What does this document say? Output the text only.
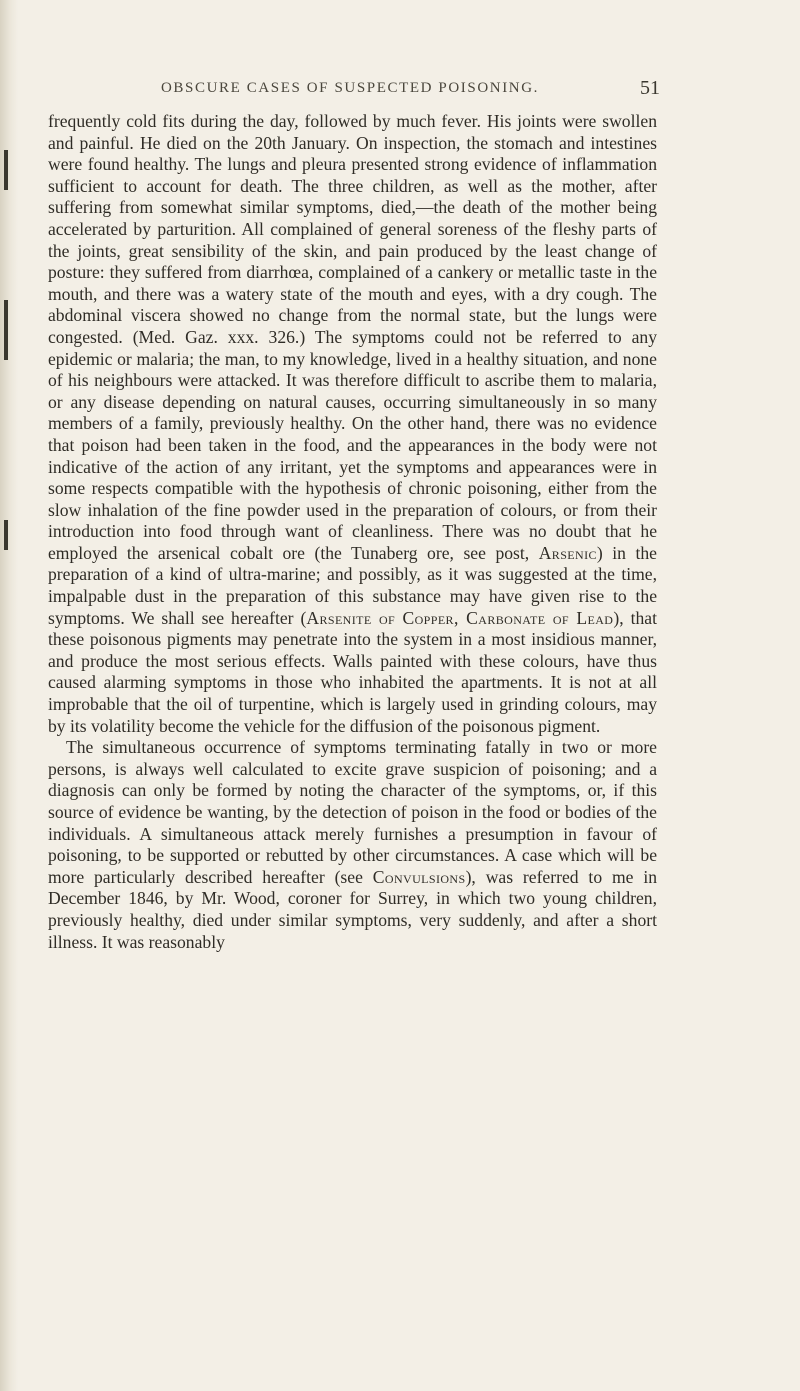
OBSCURE CASES OF SUSPECTED POISONING.	51

frequently cold fits during the day, followed by much fever. His joints were swollen and painful. He died on the 20th January. On inspection, the stomach and intestines were found healthy. The lungs and pleura presented strong evidence of inflammation sufficient to account for death. The three children, as well as the mother, after suffering from somewhat similar symptoms, died,—the death of the mother being accelerated by parturition. All complained of general soreness of the fleshy parts of the joints, great sensibility of the skin, and pain produced by the least change of posture: they suffered from diarrhœa, complained of a cankery or metallic taste in the mouth, and there was a watery state of the mouth and eyes, with a dry cough. The abdominal viscera showed no change from the normal state, but the lungs were congested. (Med. Gaz. xxx. 326.) The symptoms could not be referred to any epidemic or malaria; the man, to my knowledge, lived in a healthy situation, and none of his neighbours were attacked. It was therefore difficult to ascribe them to malaria, or any disease depending on natural causes, occurring simultaneously in so many members of a family, previously healthy. On the other hand, there was no evidence that poison had been taken in the food, and the appearances in the body were not indicative of the action of any irritant, yet the symptoms and appearances were in some respects compatible with the hypothesis of chronic poisoning, either from the slow inhalation of the fine powder used in the preparation of colours, or from their introduction into food through want of cleanliness. There was no doubt that he employed the arsenical cobalt ore (the Tunaberg ore, see post, Arsenic) in the preparation of a kind of ultra-marine; and possibly, as it was suggested at the time, impalpable dust in the preparation of this substance may have given rise to the symptoms. We shall see hereafter (Arsenite of Copper, Carbonate of Lead), that these poisonous pigments may penetrate into the system in a most insidious manner, and produce the most serious effects. Walls painted with these colours, have thus caused alarming symptoms in those who inhabited the apartments. It is not at all improbable that the oil of turpentine, which is largely used in grinding colours, may by its volatility become the vehicle for the diffusion of the poisonous pigment.

The simultaneous occurrence of symptoms terminating fatally in two or more persons, is always well calculated to excite grave suspicion of poisoning; and a diagnosis can only be formed by noting the character of the symptoms, or, if this source of evidence be wanting, by the detection of poison in the food or bodies of the individuals. A simultaneous attack merely furnishes a presumption in favour of poisoning, to be supported or rebutted by other circumstances. A case which will be more particularly described hereafter (see Convulsions), was referred to me in December 1846, by Mr. Wood, coroner for Surrey, in which two young children, previously healthy, died under similar symptoms, very suddenly, and after a short illness. It was reasonably
